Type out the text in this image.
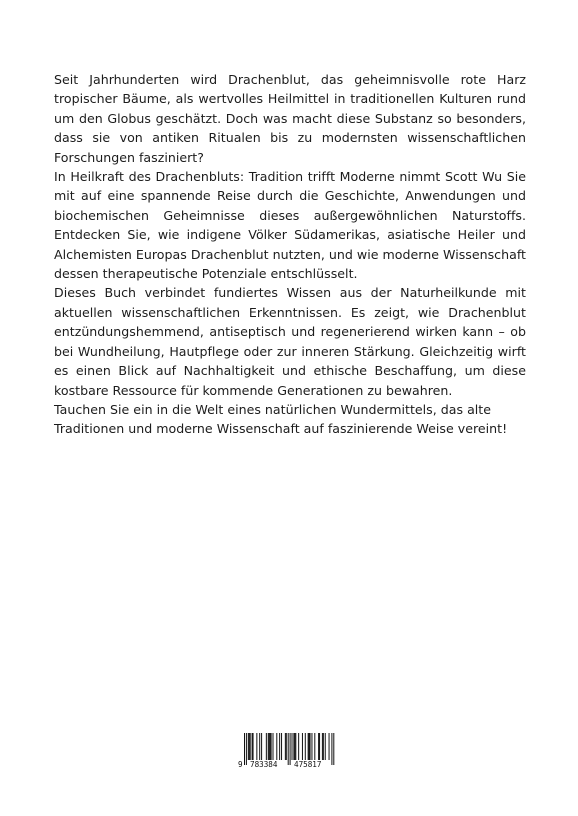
Seit Jahrhunderten wird Drachenblut, das geheimnisvolle rote Harz tropischer Bäume, als wertvolles Heilmittel in traditionellen Kulturen rund um den Globus geschätzt. Doch was macht diese Substanz so besonders, dass sie von antiken Ritualen bis zu modernsten wissenschaftlichen Forschungen fasziniert?

In Heilkraft des Drachenbluts: Tradition trifft Moderne nimmt Scott Wu Sie mit auf eine spannende Reise durch die Geschichte, Anwendungen und biochemischen Geheimnisse dieses außergewöhnlichen Naturstoffs. Entdecken Sie, wie indigene Völker Südamerikas, asiatische Heiler und Alchemisten Europas Drachenblut nutzten, und wie moderne Wissenschaft dessen therapeutische Potenziale entschlüsselt.

Dieses Buch verbindet fundiertes Wissen aus der Naturheilkunde mit aktuellen wissenschaftlichen Erkenntnissen. Es zeigt, wie Drachenblut entzündungshemmend, antiseptisch und regenerierend wirken kann – ob bei Wundheilung, Hautpflege oder zur inneren Stärkung. Gleichzeitig wirft es einen Blick auf Nachhaltigkeit und ethische Beschaffung, um diese kostbare Ressource für kommende Generationen zu bewahren.

Tauchen Sie ein in die Welt eines natürlichen Wundermittels, das alte Traditionen und moderne Wissenschaft auf faszinierende Weise vereint!

9 783384 475817
